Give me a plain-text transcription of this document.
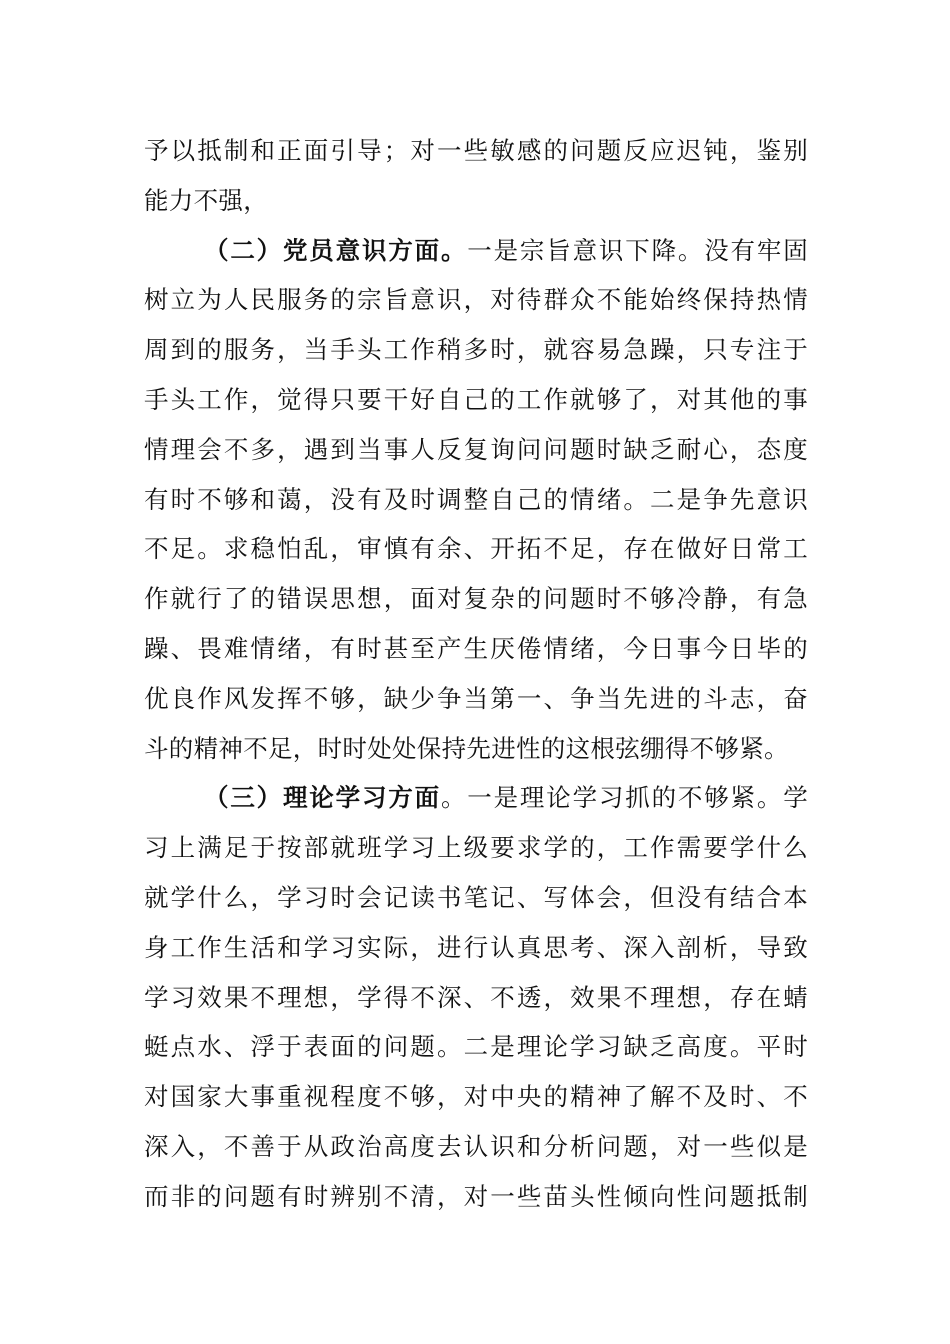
予以抵制和正面引导；对一些敏感的问题反应迟钝，鉴别
能力不强，
（二）党员意识方面。一是宗旨意识下降。没有牢固
树立为人民服务的宗旨意识，对待群众不能始终保持热情
周到的服务，当手头工作稍多时，就容易急躁，只专注于
手头工作，觉得只要干好自己的工作就够了，对其他的事
情理会不多，遇到当事人反复询问问题时缺乏耐心，态度
有时不够和蔼，没有及时调整自己的情绪。二是争先意识
不足。求稳怕乱，审慎有余、开拓不足，存在做好日常工
作就行了的错误思想，面对复杂的问题时不够冷静，有急
躁、畏难情绪，有时甚至产生厌倦情绪，今日事今日毕的
优良作风发挥不够，缺少争当第一、争当先进的斗志，奋
斗的精神不足，时时处处保持先进性的这根弦绷得不够紧。
（三）理论学习方面。一是理论学习抓的不够紧。学
习上满足于按部就班学习上级要求学的，工作需要学什么
就学什么，学习时会记读书笔记、写体会，但没有结合本
身工作生活和学习实际，进行认真思考、深入剖析，导致
学习效果不理想，学得不深、不透，效果不理想，存在蜻
蜓点水、浮于表面的问题。二是理论学习缺乏高度。平时
对国家大事重视程度不够，对中央的精神了解不及时、不
深入，不善于从政治高度去认识和分析问题，对一些似是
而非的问题有时辨别不清，对一些苗头性倾向性问题抵制
